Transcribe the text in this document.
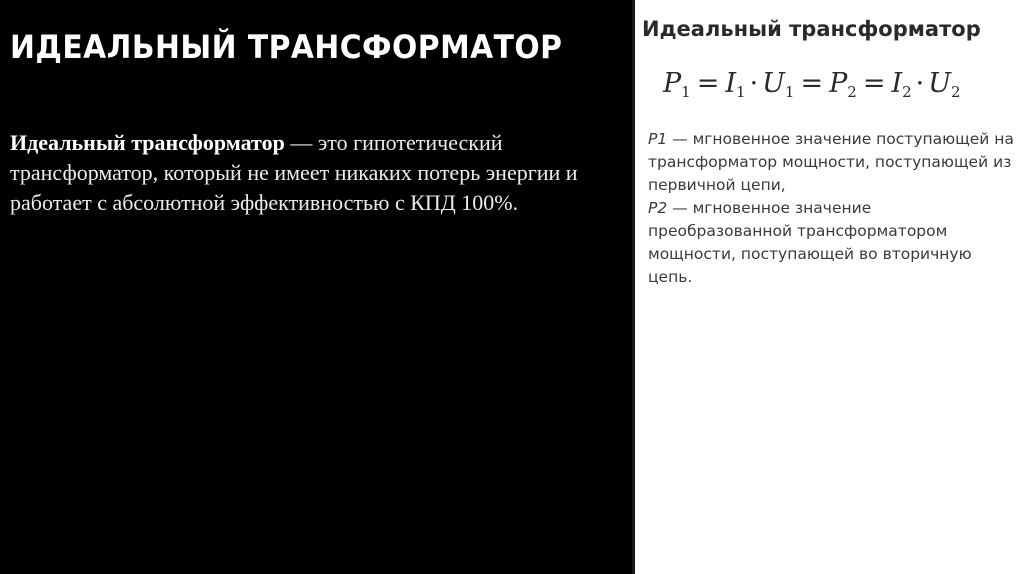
ИДЕАЛЬНЫЙ ТРАНСФОРМАТОР

Идеальный трансформатор — это гипотетический трансформатор, который не имеет никаких потерь энергии и работает с абсолютной эффективностью с КПД 100%.

Идеальный трансформатор
$P_1 = I_1 \cdot U_1 = P_2 = I_2 \cdot U_2$

P1 — мгновенное значение поступающей на трансформатор мощности, поступающей из первичной цепи,
P2 — мгновенное значение преобразованной трансформатором мощности, поступающей во вторичную цепь.
